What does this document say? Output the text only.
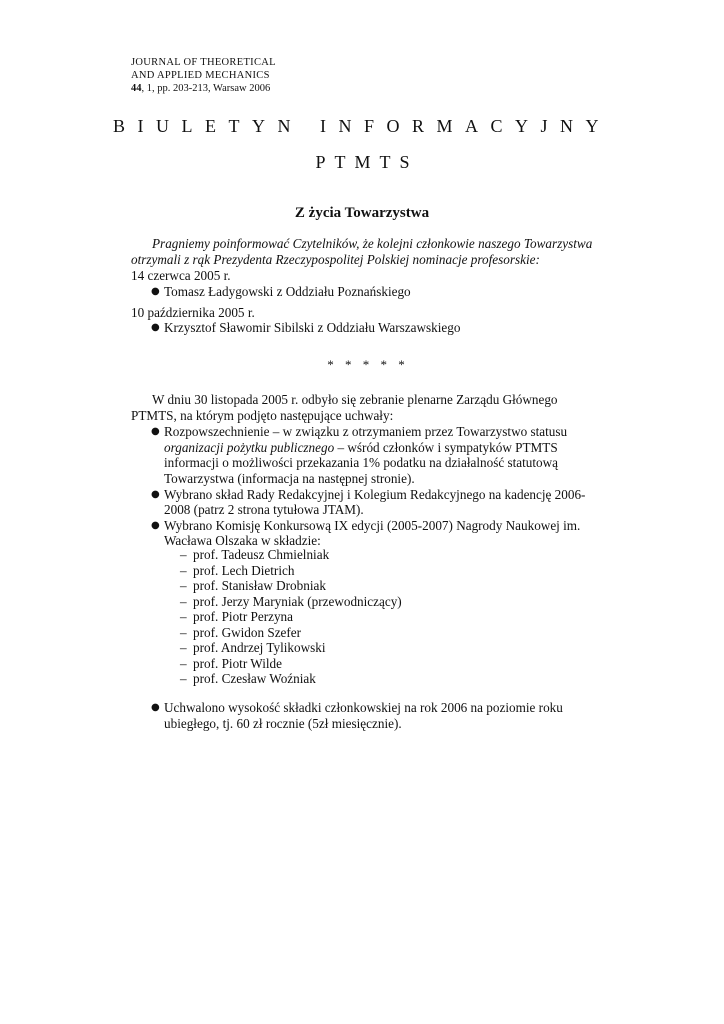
JOURNAL OF THEORETICAL
AND APPLIED MECHANICS
44, 1, pp. 203-213, Warsaw 2006
BIULETYN INFORMACYJNY
PTMTS
Z życia Towarzystwa
Pragniemy poinformować Czytelników, że kolejni członkowie naszego Towarzystwa
otrzymali z rąk Prezydenta Rzeczypospolitej Polskiej nominacje profesorskie:
14 czerwca 2005 r.
● Tomasz Ładygowski z Oddziału Poznańskiego
10 października 2005 r.
● Krzysztof Sławomir Sibilski z Oddziału Warszawskiego
* * * * *
W dniu 30 listopada 2005 r. odbyło się zebranie plenarne Zarządu Głównego
PTMTS, na którym podjęto następujące uchwały:
● Rozpowszechnienie – w związku z otrzymaniem przez Towarzystwo statusu
organizacji pożytku publicznego – wśród członków i sympatyków PTMTS
informacji o możliwości przekazania 1% podatku na działalność statutową
Towarzystwa (informacja na następnej stronie).
● Wybrano skład Rady Redakcyjnej i Kolegium Redakcyjnego na kadencję 2006-
2008 (patrz 2 strona tytułowa JTAM).
● Wybrano Komisję Konkursową IX edycji (2005-2007) Nagrody Naukowej im.
Wacława Olszaka w składzie:
– prof. Tadeusz Chmielniak
– prof. Lech Dietrich
– prof. Stanisław Drobniak
– prof. Jerzy Maryniak (przewodniczący)
– prof. Piotr Perzyna
– prof. Gwidon Szefer
– prof. Andrzej Tylikowski
– prof. Piotr Wilde
– prof. Czesław Woźniak
● Uchwalono wysokość składki członkowskiej na rok 2006 na poziomie roku
ubiegłego, tj. 60 zł rocznie (5zł miesięcznie).
